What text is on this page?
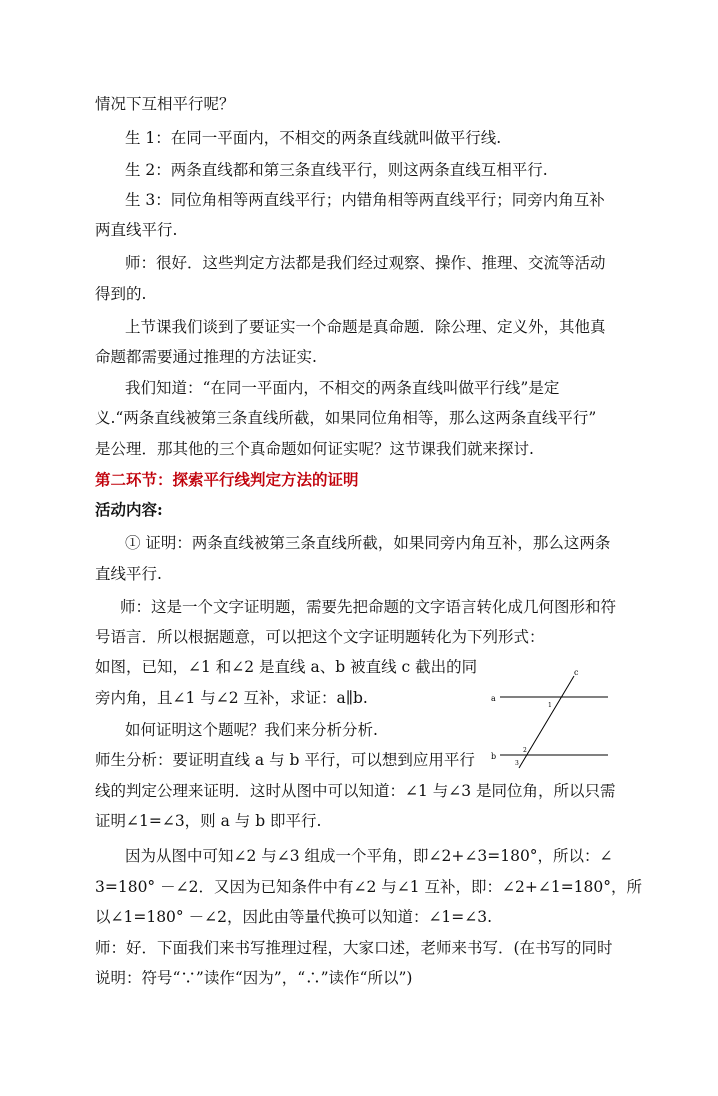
情况下互相平行呢？
生 1：在同一平面内，不相交的两条直线就叫做平行线.
生 2：两条直线都和第三条直线平行，则这两条直线互相平行.
生 3：同位角相等两直线平行；内错角相等两直线平行；同旁内角互补
两直线平行.
师：很好．这些判定方法都是我们经过观察、操作、推理、交流等活动
得到的.
上节课我们谈到了要证实一个命题是真命题．除公理、定义外，其他真
命题都需要通过推理的方法证实.
我们知道：“在同一平面内，不相交的两条直线叫做平行线”是定
义.“两条直线被第三条直线所截，如果同位角相等，那么这两条直线平行”
是公理．那其他的三个真命题如何证实呢？这节课我们就来探讨.
第二环节：探索平行线判定方法的证明
活动内容:
① 证明：两条直线被第三条直线所截，如果同旁内角互补，那么这两条
直线平行.
师：这是一个文字证明题，需要先把命题的文字语言转化成几何图形和符
号语言．所以根据题意，可以把这个文字证明题转化为下列形式：
如图，已知，∠1 和∠2 是直线 a、b 被直线 c 截出的同
旁内角，且∠1 与∠2 互补，求证：a∥b.
如何证明这个题呢？我们来分析分析.
师生分析：要证明直线 a 与 b 平行，可以想到应用平行
线的判定公理来证明．这时从图中可以知道：∠1 与∠3 是同位角，所以只需
证明∠1=∠3，则 a 与 b 即平行.
因为从图中可知∠2 与∠3 组成一个平角，即∠2+∠3=180°，所以：∠
3=180° －∠2．又因为已知条件中有∠2 与∠1 互补，即：∠2+∠1=180°，所
以∠1=180° －∠2，因此由等量代换可以知道：∠1=∠3.
师：好．下面我们来书写推理过程，大家口述，老师来书写．(在书写的同时
说明：符号“∵”读作“因为”，“∴”读作“所以”)
a
b
c
1
2
3
